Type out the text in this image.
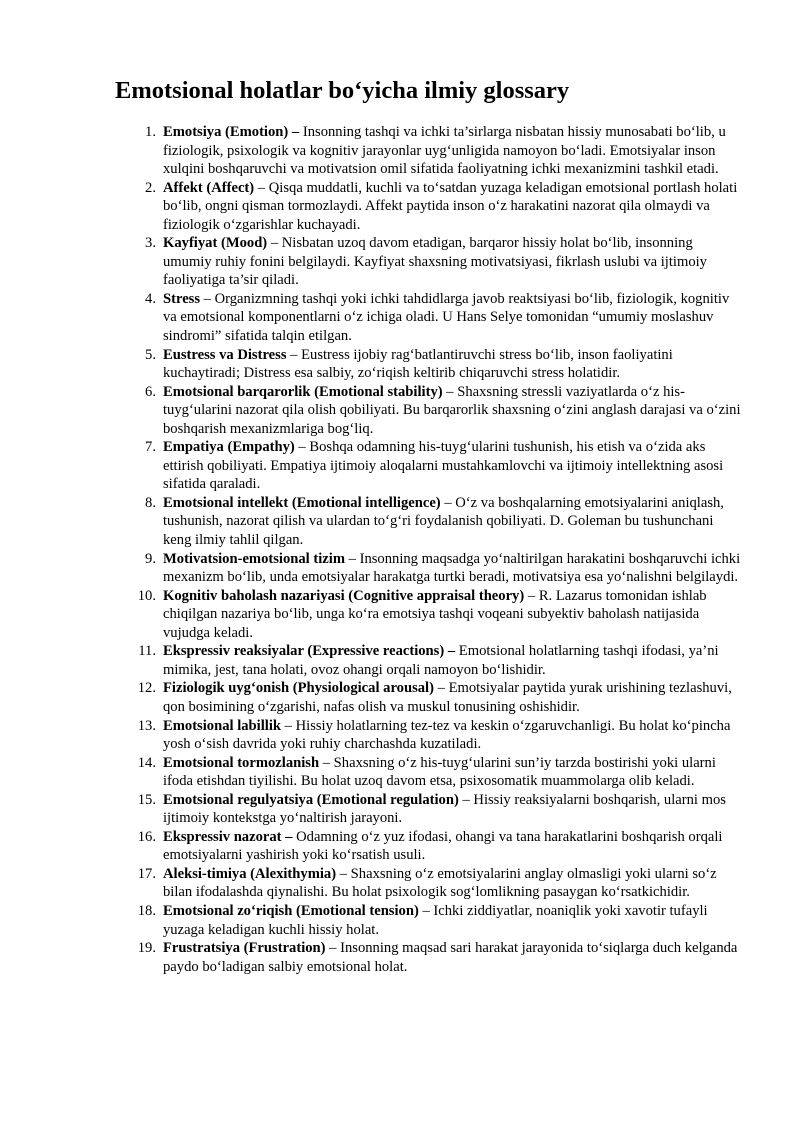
Emotsional holatlar bo‘yicha ilmiy glossary
1. Emotsiya (Emotion) – Insonning tashqi va ichki ta’sirlarga nisbatan hissiy munosabati bo‘lib, u fiziologik, psixologik va kognitiv jarayonlar uyg‘unligida namoyon bo‘ladi. Emotsiyalar inson xulqini boshqaruvchi va motivatsion omil sifatida faoliyatning ichki mexanizmini tashkil etadi.
2. Affekt (Affect) – Qisqa muddatli, kuchli va to‘satdan yuzaga keladigan emotsional portlash holati bo‘lib, ongni qisman tormozlaydi. Affekt paytida inson o‘z harakatini nazorat qila olmaydi va fiziologik o‘zgarishlar kuchayadi.
3. Kayfiyat (Mood) – Nisbatan uzoq davom etadigan, barqaror hissiy holat bo‘lib, insonning umumiy ruhiy fonini belgilaydi. Kayfiyat shaxsning motivatsiyasi, fikrlash uslubi va ijtimoiy faoliyatiga ta’sir qiladi.
4. Stress – Organizmning tashqi yoki ichki tahdidlarga javob reaktsiyasi bo‘lib, fiziologik, kognitiv va emotsional komponentlarni o‘z ichiga oladi. U Hans Selye tomonidan “umumiy moslashuv sindromi” sifatida talqin etilgan.
5. Eustress va Distress – Eustress ijobiy rag‘batlantiruvchi stress bo‘lib, inson faoliyatini kuchaytiradi; Distress esa salbiy, zo‘riqish keltirib chiqaruvchi stress holatidir.
6. Emotsional barqarorlik (Emotional stability) – Shaxsning stressli vaziyatlarda o‘z his-tuyg‘ularini nazorat qila olish qobiliyati. Bu barqarorlik shaxsning o‘zini anglash darajasi va o‘zini boshqarish mexanizmlariga bog‘liq.
7. Empatiya (Empathy) – Boshqa odamning his-tuyg‘ularini tushunish, his etish va o‘zida aks ettirish qobiliyati. Empatiya ijtimoiy aloqalarni mustahkamlovchi va ijtimoiy intellektning asosi sifatida qaraladi.
8. Emotsional intellekt (Emotional intelligence) – O‘z va boshqalarning emotsiyalarini aniqlash, tushunish, nazorat qilish va ulardan to‘g‘ri foydalanish qobiliyati. D. Goleman bu tushunchani keng ilmiy tahlil qilgan.
9. Motivatsion-emotsional tizim – Insonning maqsadga yo‘naltirilgan harakatini boshqaruvchi ichki mexanizm bo‘lib, unda emotsiyalar harakatga turtki beradi, motivatsiya esa yo‘nalishni belgilaydi.
10. Kognitiv baholash nazariyasi (Cognitive appraisal theory) – R. Lazarus tomonidan ishlab chiqilgan nazariya bo‘lib, unga ko‘ra emotsiya tashqi voqeani subyektiv baholash natijasida vujudga keladi.
11. Ekspressiv reaksiyalar (Expressive reactions) – Emotsional holatlarning tashqi ifodasi, ya’ni mimika, jest, tana holati, ovoz ohangi orqali namoyon bo‘lishidir.
12. Fiziologik uyg‘onish (Physiological arousal) – Emotsiyalar paytida yurak urishining tezlashuvi, qon bosimining o‘zgarishi, nafas olish va muskul tonusining oshishidir.
13. Emotsional labillik – Hissiy holatlarning tez-tez va keskin o‘zgaruvchanligi. Bu holat ko‘pincha yosh o‘sish davrida yoki ruhiy charchashda kuzatiladi.
14. Emotsional tormozlanish – Shaxsning o‘z his-tuyg‘ularini sun’iy tarzda bostirishi yoki ularni ifoda etishdan tiyilishi. Bu holat uzoq davom etsa, psixosomatik muammolarga olib keladi.
15. Emotsional regulyatsiya (Emotional regulation) – Hissiy reaksiyalarni boshqarish, ularni mos ijtimoiy kontekstga yo‘naltirish jarayoni.
16. Ekspressiv nazorat – Odamning o‘z yuz ifodasi, ohangi va tana harakatlarini boshqarish orqali emotsiyalarni yashirish yoki ko‘rsatish usuli.
17. Aleksi-timiya (Alexithymia) – Shaxsning o‘z emotsiyalarini anglay olmasligi yoki ularni so‘z bilan ifodalashda qiynalishi. Bu holat psixologik sog‘lomlikning pasaygan ko‘rsatkichidir.
18. Emotsional zo‘riqish (Emotional tension) – Ichki ziddiyatlar, noaniqlik yoki xavotir tufayli yuzaga keladigan kuchli hissiy holat.
19. Frustratsiya (Frustration) – Insonning maqsad sari harakat jarayonida to‘siqlarga duch kelganda paydo bo‘ladigan salbiy emotsional holat.
